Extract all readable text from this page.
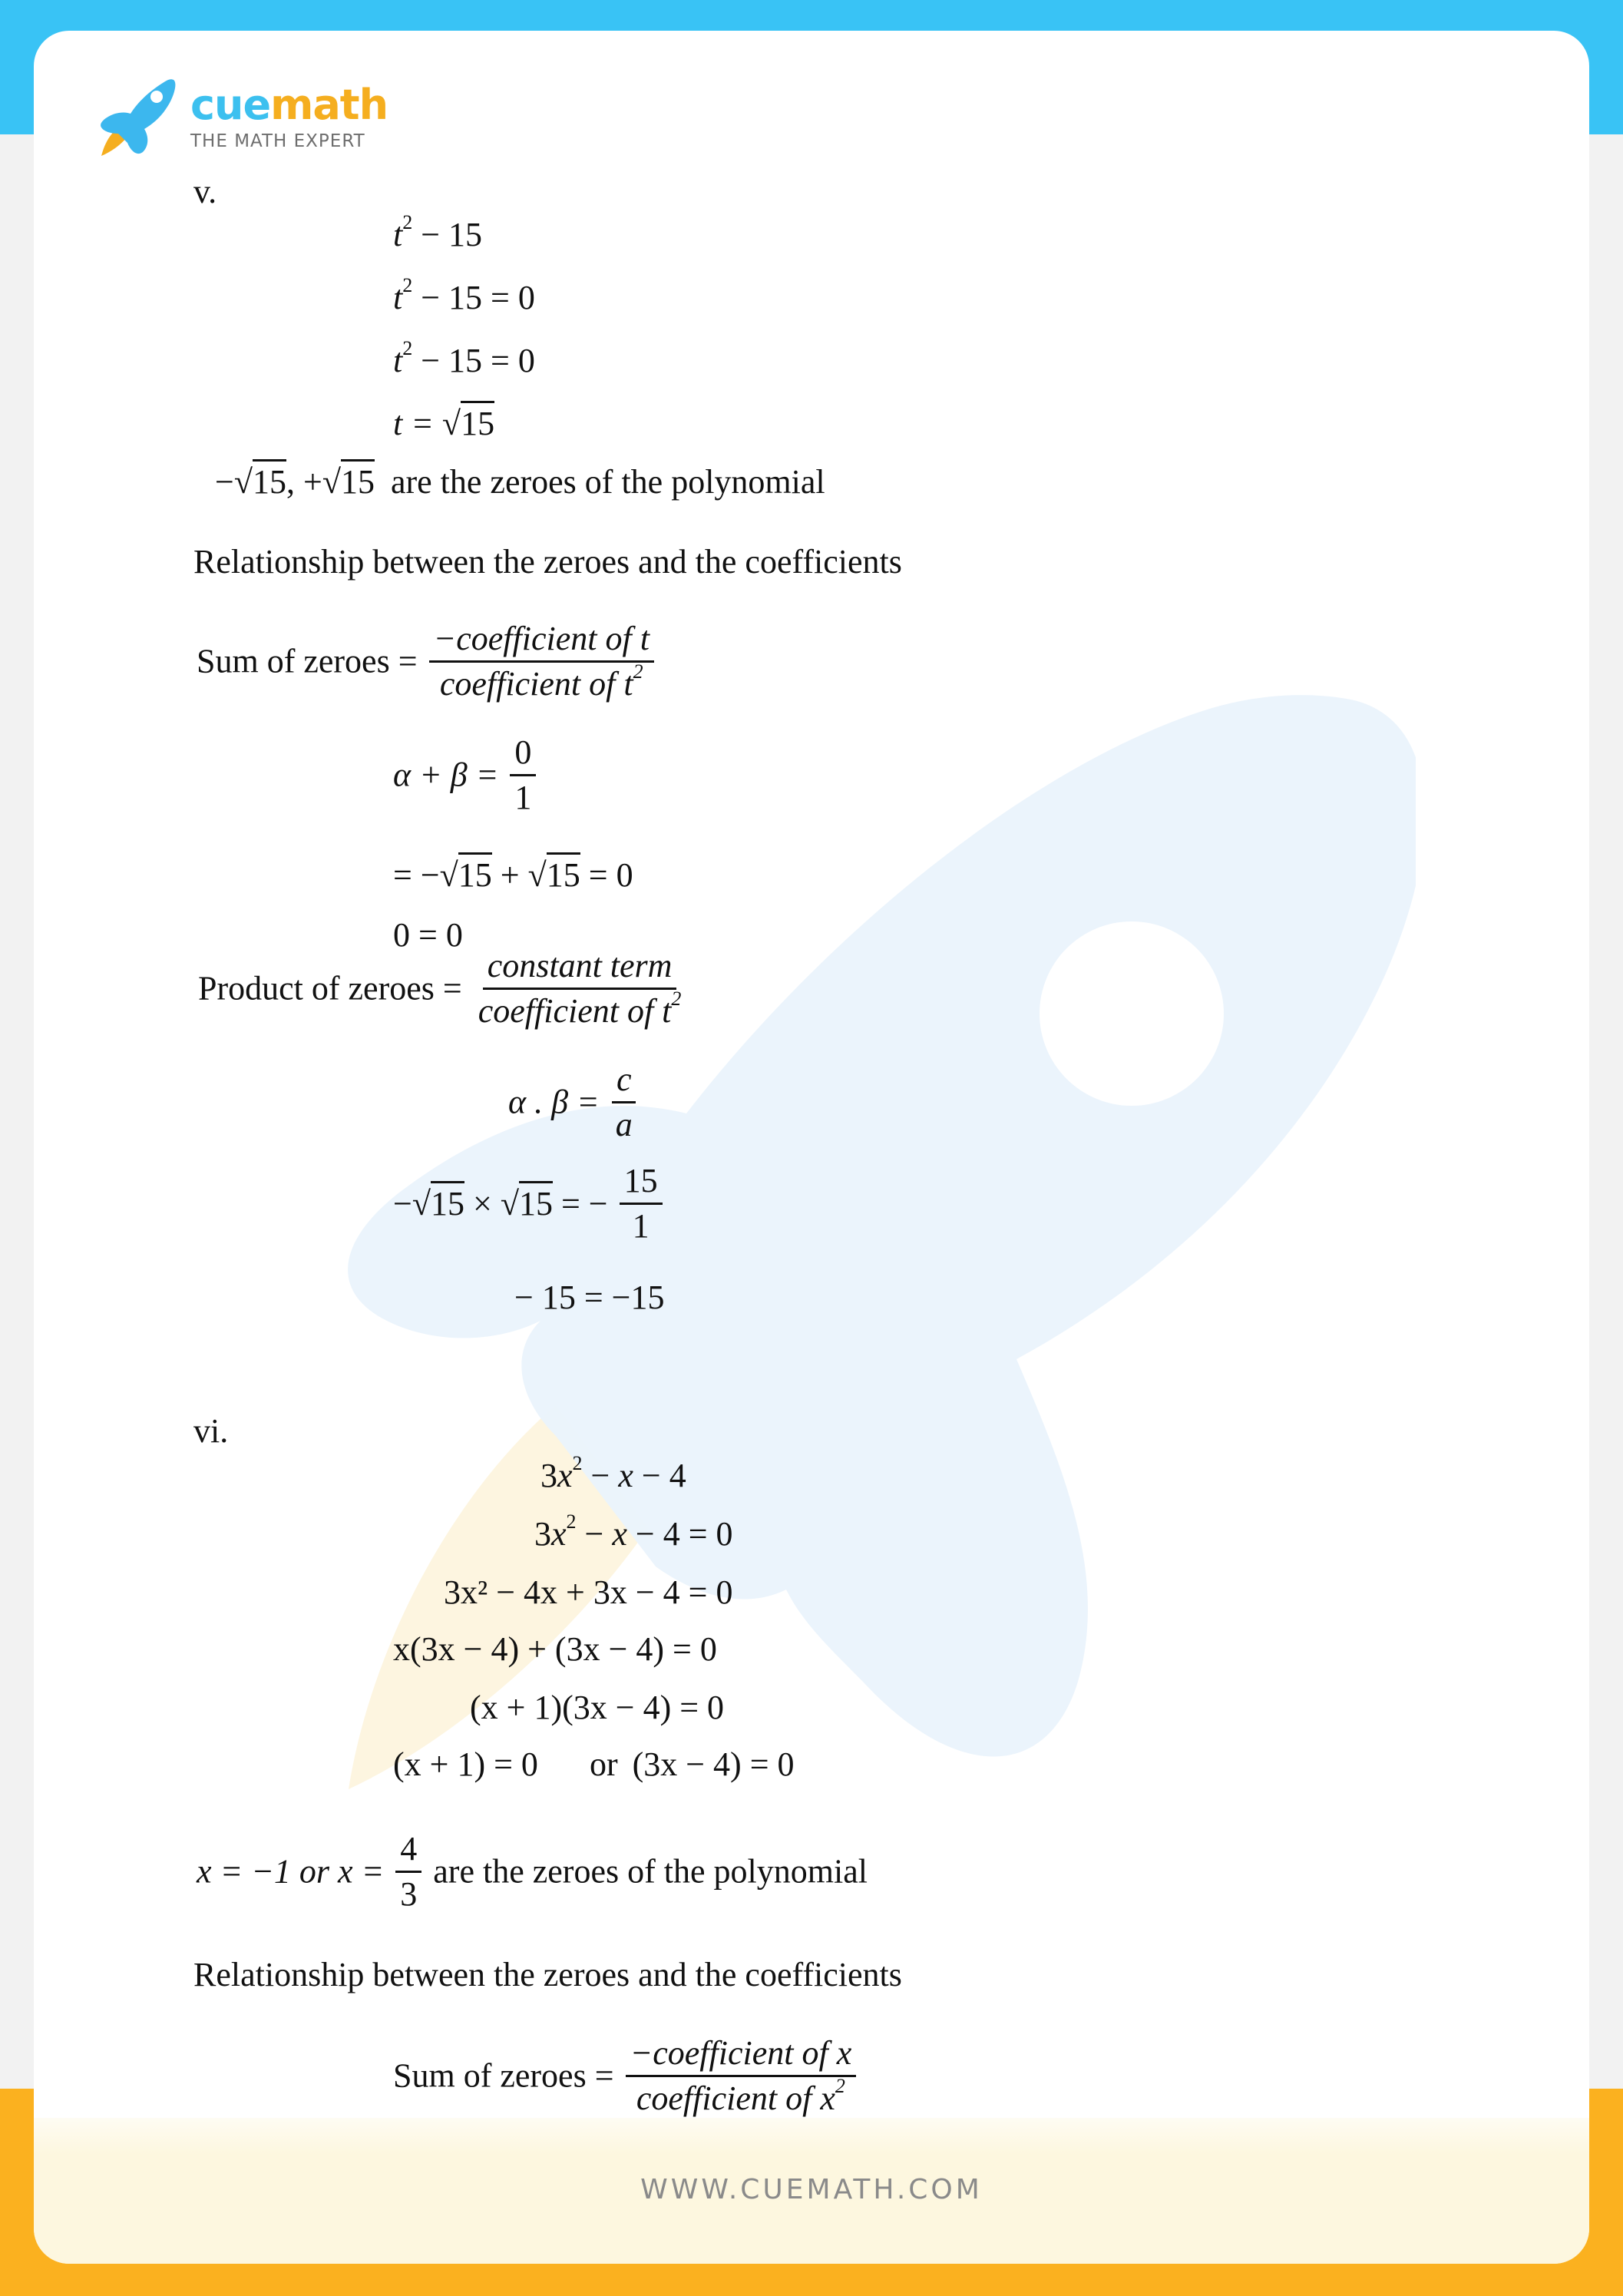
WWW.CUEMATH.COM
cuemath
THE MATH EXPERT
v.
$t^2 - 15$
$t^2 - 15 = 0$
$t^2 - 15 = 0$
t = √15
−√15, +√15 are the zeroes of the polynomial
Relationship between the zeroes and the coefficients
Sum of zeroes = $\frac{\text{−coefficient of t}}{coefficient of t^2}$
$\alpha + \beta = \frac{0}{1}$
= −√15 + √15 = 0
0 = 0
Product of zeroes = $\frac{\text{constant term}}{coefficient of t^2}$
α . $\beta = \frac{c}{a}$
−√15 × √15 = − $\frac{15}{1}$
− 15 = −15
vi.
$3x^2 - x - 4$
$3x^2 - x - 4 = 0$
3x² − 4x + 3x − 4 = 0
x(3x − 4) + (3x − 4) = 0
(x + 1)(3x − 4) = 0
(x + 1) = 0 or (3x − 4) = 0
x = −1 or $x = \frac{4}{3}$ are the zeroes of the polynomial
Relationship between the zeroes and the coefficients
Sum of zeroes = $\frac{\text{−coefficient of x}}{coefficient of x^2}$
